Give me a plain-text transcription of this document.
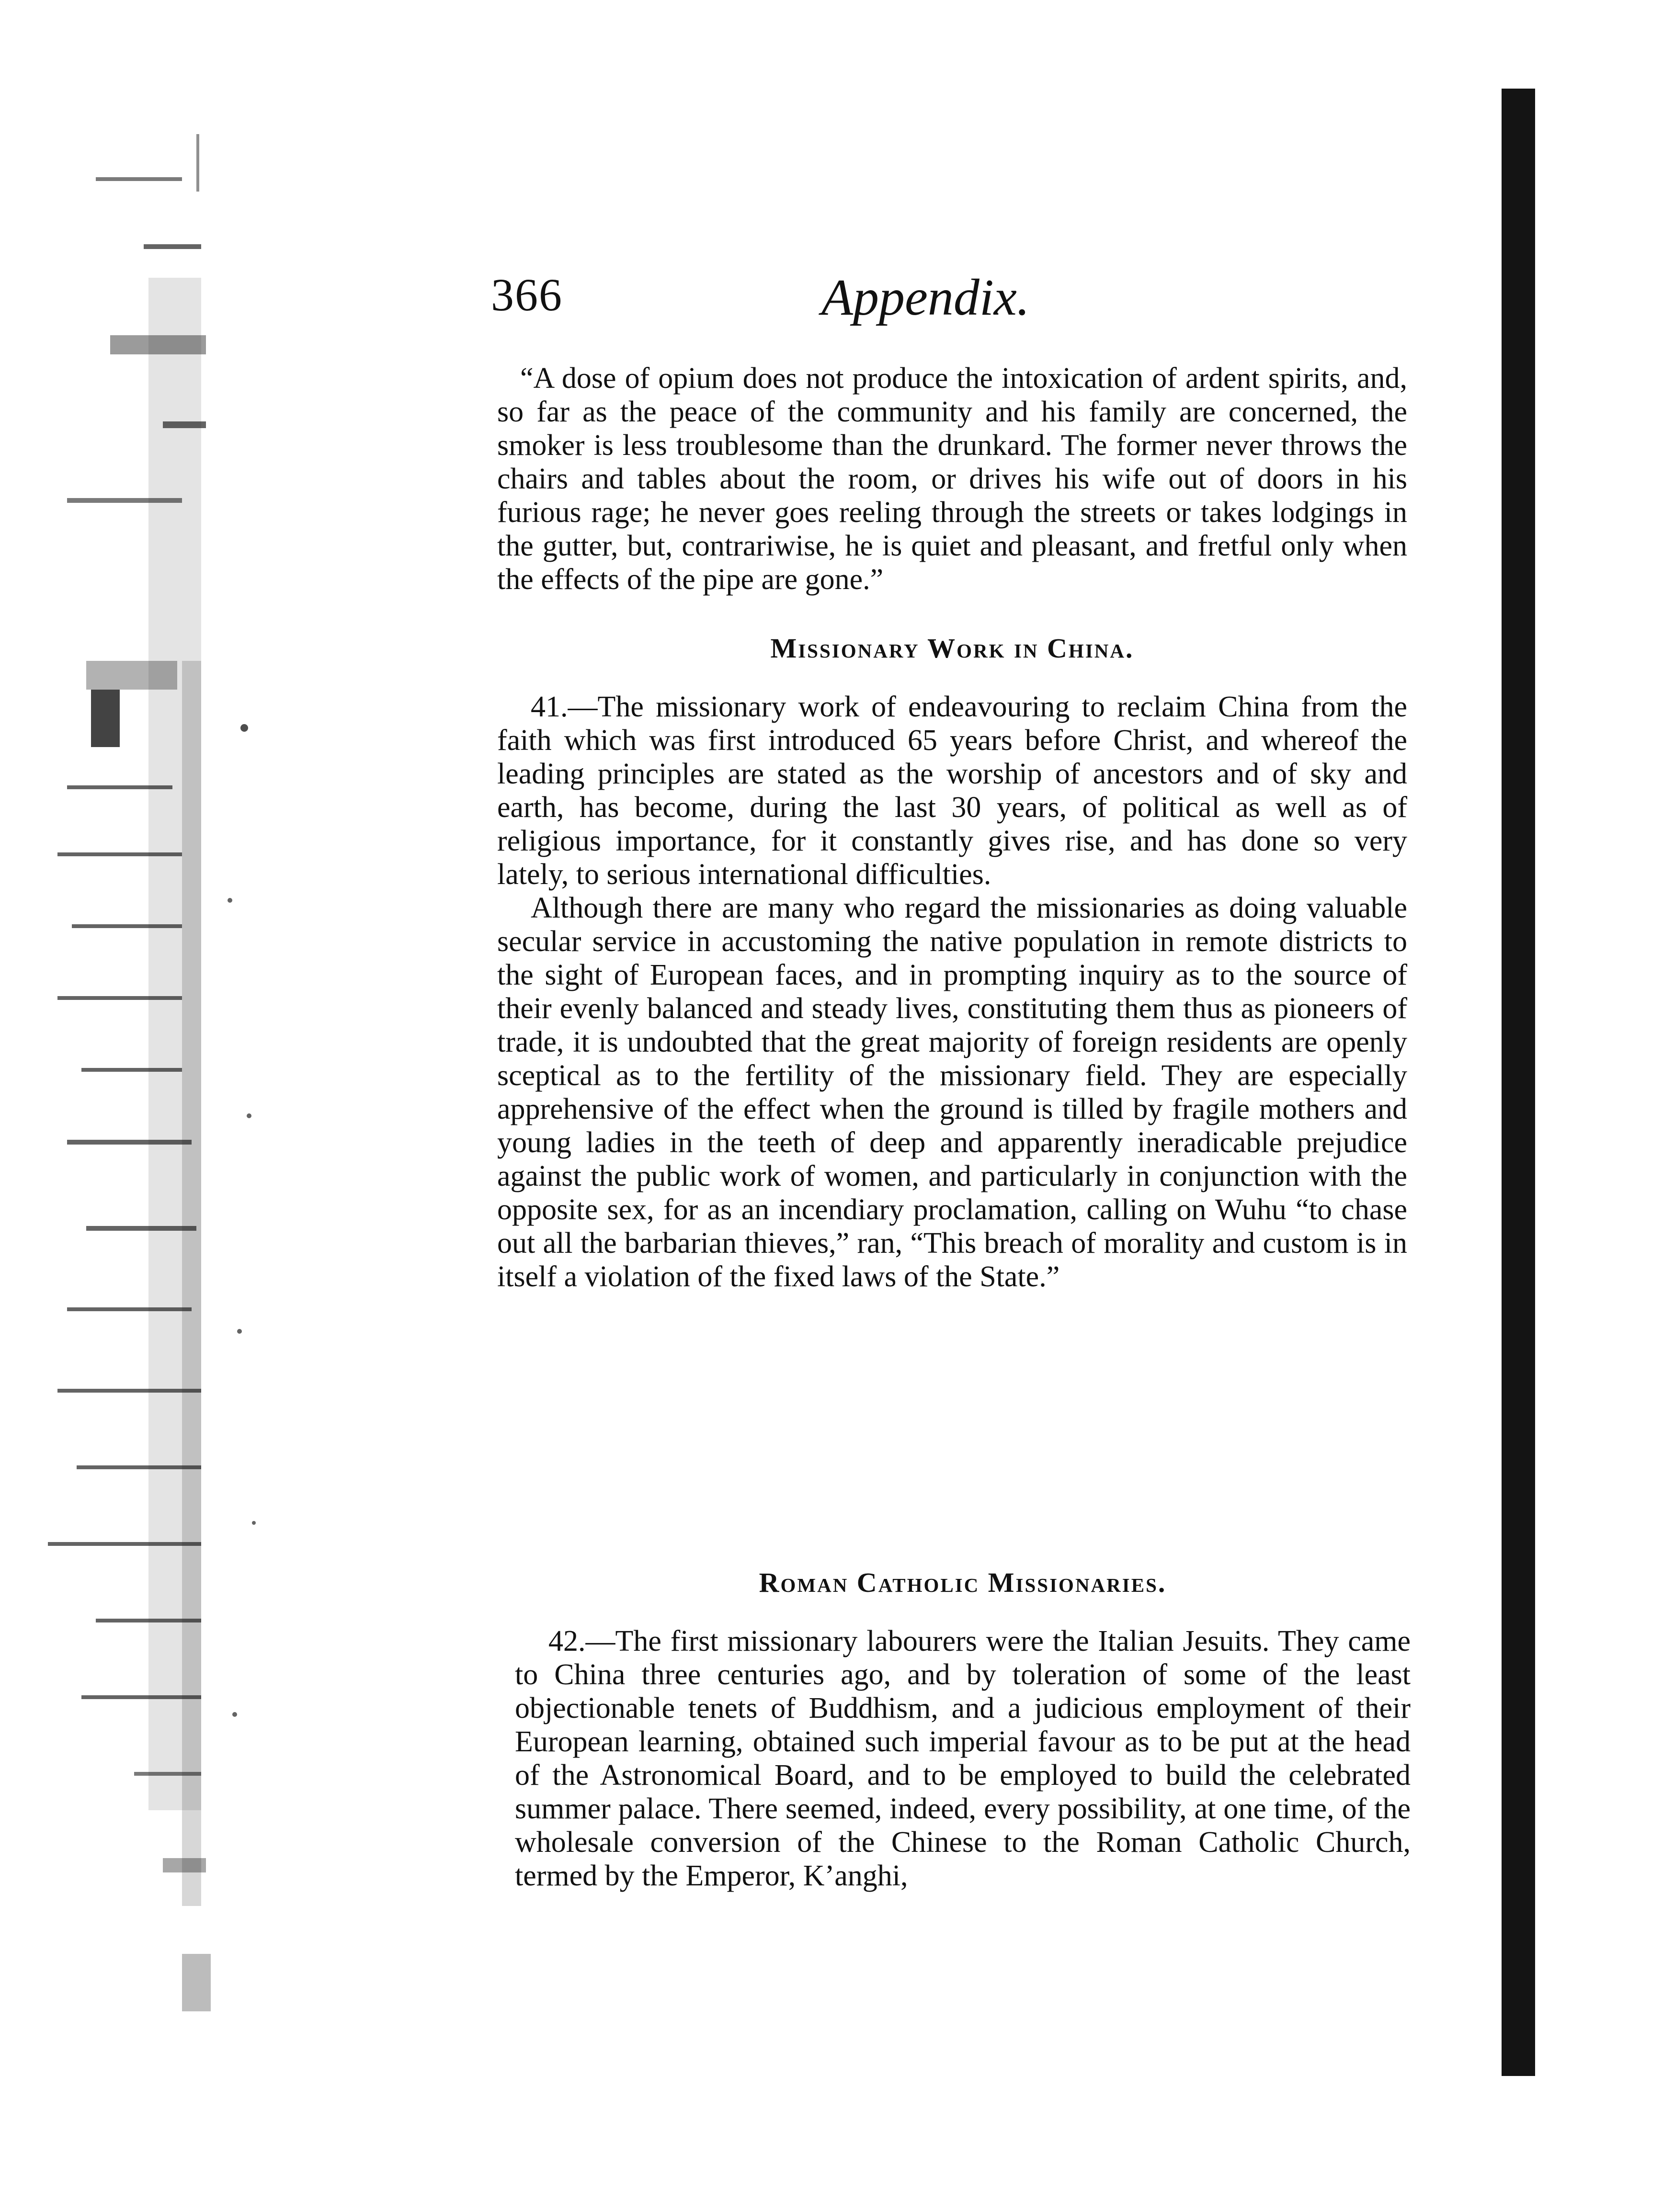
366	Appendix.

“A dose of opium does not produce the intoxication of ardent spirits, and, so far as the peace of the community and his family are concerned, the smoker is less troublesome than the drunkard. The former never throws the chairs and tables about the room, or drives his wife out of doors in his furious rage; he never goes reeling through the streets or takes lodgings in the gutter, but, contrariwise, he is quiet and pleasant, and fretful only when the effects of the pipe are gone.”

Missionary Work in China.

41.—The missionary work of endeavouring to reclaim China from the faith which was first introduced 65 years before Christ, and whereof the leading principles are stated as the worship of ancestors and of sky and earth, has become, during the last 30 years, of political as well as of religious importance, for it constantly gives rise, and has done so very lately, to serious international difficulties.

Although there are many who regard the missionaries as doing valuable secular service in accustoming the native population in remote districts to the sight of European faces, and in prompting inquiry as to the source of their evenly balanced and steady lives, constituting them thus as pioneers of trade, it is undoubted that the great majority of foreign residents are openly sceptical as to the fertility of the missionary field. They are especially apprehensive of the effect when the ground is tilled by fragile mothers and young ladies in the teeth of deep and apparently ineradicable prejudice against the public work of women, and particularly in conjunction with the opposite sex, for as an incendiary proclamation, calling on Wuhu “to chase out all the barbarian thieves,” ran, “This breach of morality and custom is in itself a violation of the fixed laws of the State.”

Roman Catholic Missionaries.

42.—The first missionary labourers were the Italian Jesuits. They came to China three centuries ago, and by toleration of some of the least objectionable tenets of Buddhism, and a judicious employment of their European learning, obtained such imperial favour as to be put at the head of the Astronomical Board, and to be employed to build the celebrated summer palace. There seemed, indeed, every possibility, at one time, of the wholesale conversion of the Chinese to the Roman Catholic Church, termed by the Emperor, K’anghi,
